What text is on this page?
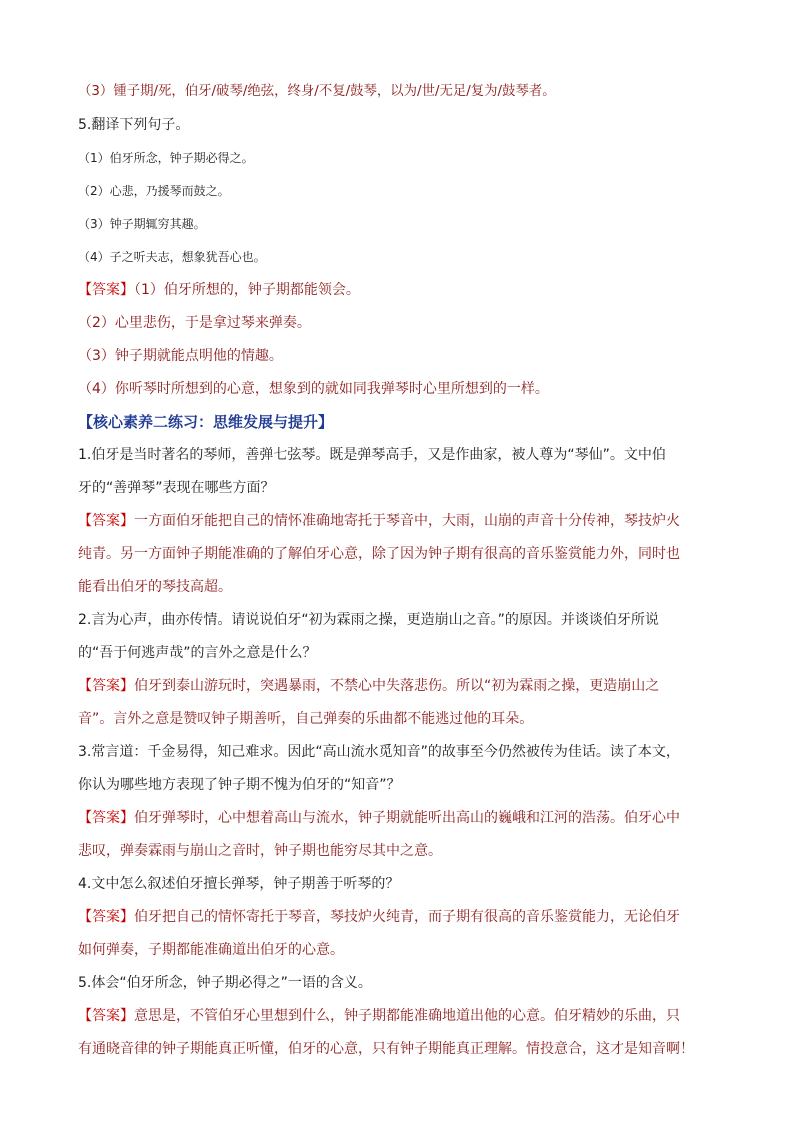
（3）锺子期/死，伯牙/破琴/绝弦，终身/不复/鼓琴，以为/世/无足/复为/鼓琴者。

5.翻译下列句子。

（1）伯牙所念，钟子期必得之。

（2）心悲，乃援琴而鼓之。

（3）钟子期辄穷其趣。

（4）子之听夫志，想象犹吾心也。

【答案】（1）伯牙所想的，钟子期都能领会。

（2）心里悲伤，于是拿过琴来弹奏。

（3）钟子期就能点明他的情趣。

（4）你听琴时所想到的心意，想象到的就如同我弹琴时心里所想到的一样。

【核心素养二练习：思维发展与提升】

1.伯牙是当时著名的琴师，善弹七弦琴。既是弹琴高手，又是作曲家，被人尊为“琴仙”。文中伯

牙的“善弹琴”表现在哪些方面？

【答案】一方面伯牙能把自己的情怀准确地寄托于琴音中，大雨，山崩的声音十分传神，琴技炉火

纯青。另一方面钟子期能准确的了解伯牙心意，除了因为钟子期有很高的音乐鉴赏能力外，同时也

能看出伯牙的琴技高超。

2.言为心声，曲亦传情。请说说伯牙“初为霖雨之操，更造崩山之音。”的原因。并谈谈伯牙所说

的“吾于何逃声哉”的言外之意是什么？

【答案】伯牙到泰山游玩时，突遇暴雨，不禁心中失落悲伤。所以“初为霖雨之操，更造崩山之

音”。言外之意是赞叹钟子期善听，自己弹奏的乐曲都不能逃过他的耳朵。

3.常言道：千金易得，知己难求。因此“高山流水觅知音”的故事至今仍然被传为佳话。读了本文，

你认为哪些地方表现了钟子期不愧为伯牙的“知音”？

【答案】伯牙弹琴时，心中想着高山与流水，钟子期就能听出高山的巍峨和江河的浩荡。伯牙心中

悲叹，弹奏霖雨与崩山之音时，钟子期也能穷尽其中之意。

4.文中怎么叙述伯牙擅长弹琴，钟子期善于听琴的？

【答案】伯牙把自己的情怀寄托于琴音，琴技炉火纯青，而子期有很高的音乐鉴赏能力，无论伯牙

如何弹奏，子期都能准确道出伯牙的心意。

5.体会“伯牙所念，钟子期必得之”一语的含义。

【答案】意思是，不管伯牙心里想到什么，钟子期都能准确地道出他的心意。伯牙精妙的乐曲，只

有通晓音律的钟子期能真正听懂，伯牙的心意，只有钟子期能真正理解。情投意合，这才是知音啊！
